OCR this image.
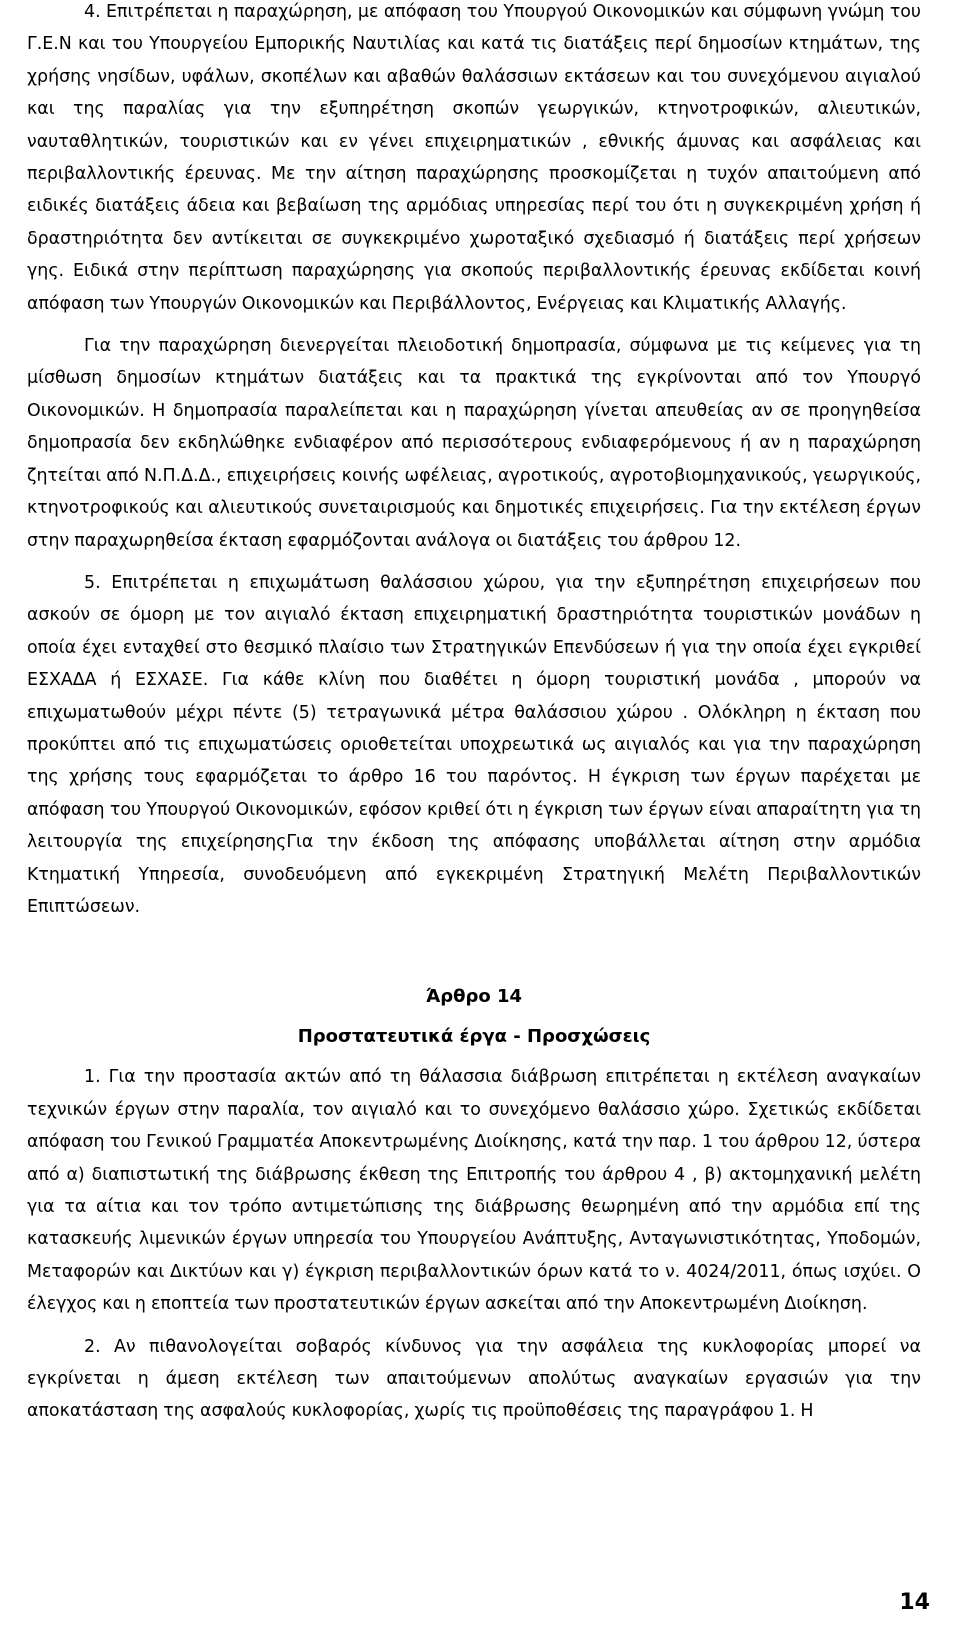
4. Επιτρέπεται η παραχώρηση, με απόφαση του Υπουργού Οικονομικών και σύμφωνη γνώμη του Γ.Ε.Ν και του Υπουργείου Εμπορικής Ναυτιλίας και κατά τις διατάξεις περί δημοσίων κτημάτων, της χρήσης νησίδων, υφάλων, σκοπέλων και αβαθών θαλάσσιων εκτάσεων και του συνεχόμενου αιγιαλού και της παραλίας για την εξυπηρέτηση σκοπών γεωργικών, κτηνοτροφικών, αλιευτικών, ναυταθλητικών, τουριστικών και εν γένει επιχειρηματικών , εθνικής άμυνας και ασφάλειας και περιβαλλοντικής έρευνας. Με την αίτηση παραχώρησης προσκομίζεται η τυχόν απαιτούμενη από ειδικές διατάξεις άδεια και βεβαίωση της αρμόδιας υπηρεσίας περί του ότι η συγκεκριμένη χρήση ή δραστηριότητα δεν αντίκειται σε συγκεκριμένο χωροταξικό σχεδιασμό ή διατάξεις περί χρήσεων γης. Ειδικά στην περίπτωση παραχώρησης για σκοπούς περιβαλλοντικής έρευνας εκδίδεται κοινή απόφαση των Υπουργών Οικονομικών και Περιβάλλοντος, Ενέργειας και Κλιματικής Αλλαγής.

Για την παραχώρηση διενεργείται πλειοδοτική δημοπρασία, σύμφωνα με τις κείμενες για τη μίσθωση δημοσίων κτημάτων διατάξεις και τα πρακτικά της εγκρίνονται από τον Υπουργό Οικονομικών. Η δημοπρασία παραλείπεται και η παραχώρηση γίνεται απευθείας αν σε προηγηθείσα δημοπρασία δεν εκδηλώθηκε ενδιαφέρον από περισσότερους ενδιαφερόμενους ή αν η παραχώρηση ζητείται από Ν.Π.Δ.Δ., επιχειρήσεις κοινής ωφέλειας, αγροτικούς, αγροτοβιομηχανικούς, γεωργικούς, κτηνοτροφικούς και αλιευτικούς συνεταιρισμούς και δημοτικές επιχειρήσεις. Για την εκτέλεση έργων στην παραχωρηθείσα έκταση εφαρμόζονται ανάλογα οι διατάξεις του άρθρου 12.

5. Επιτρέπεται η επιχωμάτωση θαλάσσιου χώρου, για την εξυπηρέτηση επιχειρήσεων που ασκούν σε όμορη με τον αιγιαλό έκταση επιχειρηματική δραστηριότητα τουριστικών μονάδων η οποία έχει ενταχθεί στο θεσμικό πλαίσιο των Στρατηγικών Επενδύσεων ή για την οποία έχει εγκριθεί ΕΣΧΑΔΑ ή ΕΣΧΑΣΕ. Για κάθε κλίνη που διαθέτει η όμορη τουριστική μονάδα , μπορούν να επιχωματωθούν μέχρι πέντε (5) τετραγωνικά μέτρα θαλάσσιου χώρου . Ολόκληρη η έκταση που προκύπτει από τις επιχωματώσεις οριοθετείται υποχρεωτικά ως αιγιαλός και για την παραχώρηση της χρήσης τους εφαρμόζεται το άρθρο 16 του παρόντος. Η έγκριση των έργων παρέχεται με απόφαση του Υπουργού Οικονομικών, εφόσον κριθεί ότι η έγκριση των έργων είναι απαραίτητη για τη λειτουργία της επιχείρησηςΓια την έκδοση της απόφασης υποβάλλεται αίτηση στην αρμόδια Κτηματική Υπηρεσία, συνοδευόμενη από εγκεκριμένη Στρατηγική Μελέτη Περιβαλλοντικών Επιπτώσεων.

Άρθρο 14
Προστατευτικά έργα - Προσχώσεις

1. Για την προστασία ακτών από τη θάλασσια διάβρωση επιτρέπεται η εκτέλεση αναγκαίων τεχνικών έργων στην παραλία, τον αιγιαλό και το συνεχόμενο θαλάσσιο χώρο. Σχετικώς εκδίδεται απόφαση του Γενικού Γραμματέα Αποκεντρωμένης Διοίκησης, κατά την παρ. 1 του άρθρου 12, ύστερα από α) διαπιστωτική της διάβρωσης έκθεση της Επιτροπής του άρθρου 4 , β) ακτομηχανική μελέτη για τα αίτια και τον τρόπο αντιμετώπισης της διάβρωσης θεωρημένη από την αρμόδια επί της κατασκευής λιμενικών έργων υπηρεσία του Υπουργείου Ανάπτυξης, Ανταγωνιστικότητας, Υποδομών, Μεταφορών και Δικτύων και γ) έγκριση περιβαλλοντικών όρων κατά το ν. 4024/2011, όπως ισχύει. Ο έλεγχος και η εποπτεία των προστατευτικών έργων ασκείται από την Αποκεντρωμένη Διοίκηση.

2. Αν πιθανολογείται σοβαρός κίνδυνος για την ασφάλεια της κυκλοφορίας μπορεί να εγκρίνεται η άμεση εκτέλεση των απαιτούμενων απολύτως αναγκαίων εργασιών για την αποκατάσταση της ασφαλούς κυκλοφορίας, χωρίς τις προϋποθέσεις της παραγράφου 1. Η

14
